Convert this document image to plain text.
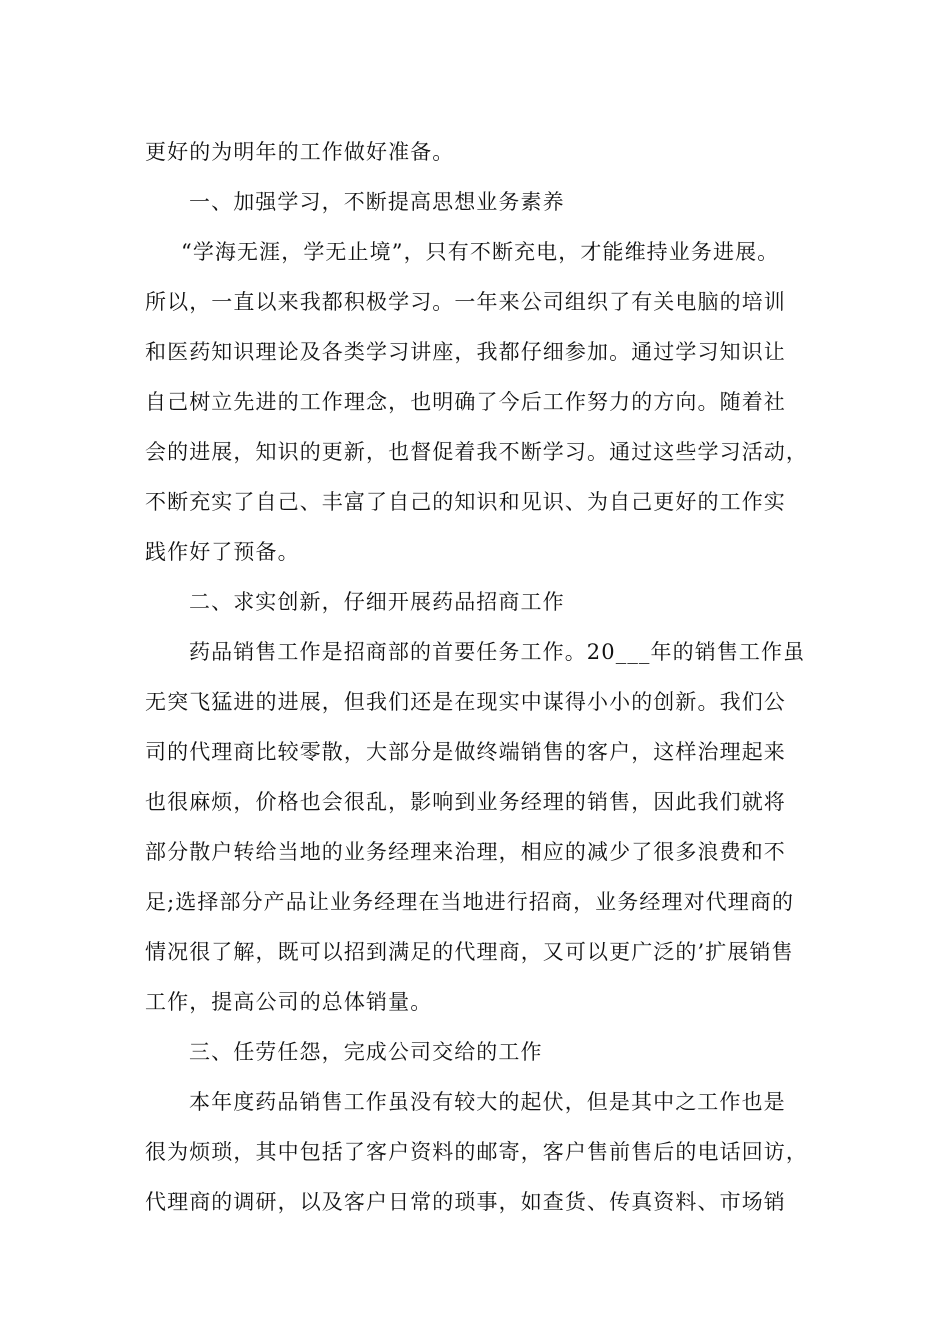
更好的为明年的工作做好准备。
一、加强学习，不断提高思想业务素养
“学海无涯，学无止境”，只有不断充电，才能维持业务进展。
所以，一直以来我都积极学习。一年来公司组织了有关电脑的培训
和医药知识理论及各类学习讲座，我都仔细参加。通过学习知识让
自己树立先进的工作理念，也明确了今后工作努力的方向。随着社
会的进展，知识的更新，也督促着我不断学习。通过这些学习活动，
不断充实了自己、丰富了自己的知识和见识、为自己更好的工作实
践作好了预备。
二、求实创新，仔细开展药品招商工作
药品销售工作是招商部的首要任务工作。20___年的销售工作虽
无突飞猛进的进展，但我们还是在现实中谋得小小的创新。我们公
司的代理商比较零散，大部分是做终端销售的客户，这样治理起来
也很麻烦，价格也会很乱，影响到业务经理的销售，因此我们就将
部分散户转给当地的业务经理来治理，相应的减少了很多浪费和不
足;选择部分产品让业务经理在当地进行招商，业务经理对代理商的
情况很了解，既可以招到满足的代理商，又可以更广泛的’扩展销售
工作，提高公司的总体销量。
三、任劳任怨，完成公司交给的工作
本年度药品销售工作虽没有较大的起伏，但是其中之工作也是
很为烦琐，其中包括了客户资料的邮寄，客户售前售后的电话回访，
代理商的调研，以及客户日常的琐事，如查货、传真资料、市场销
